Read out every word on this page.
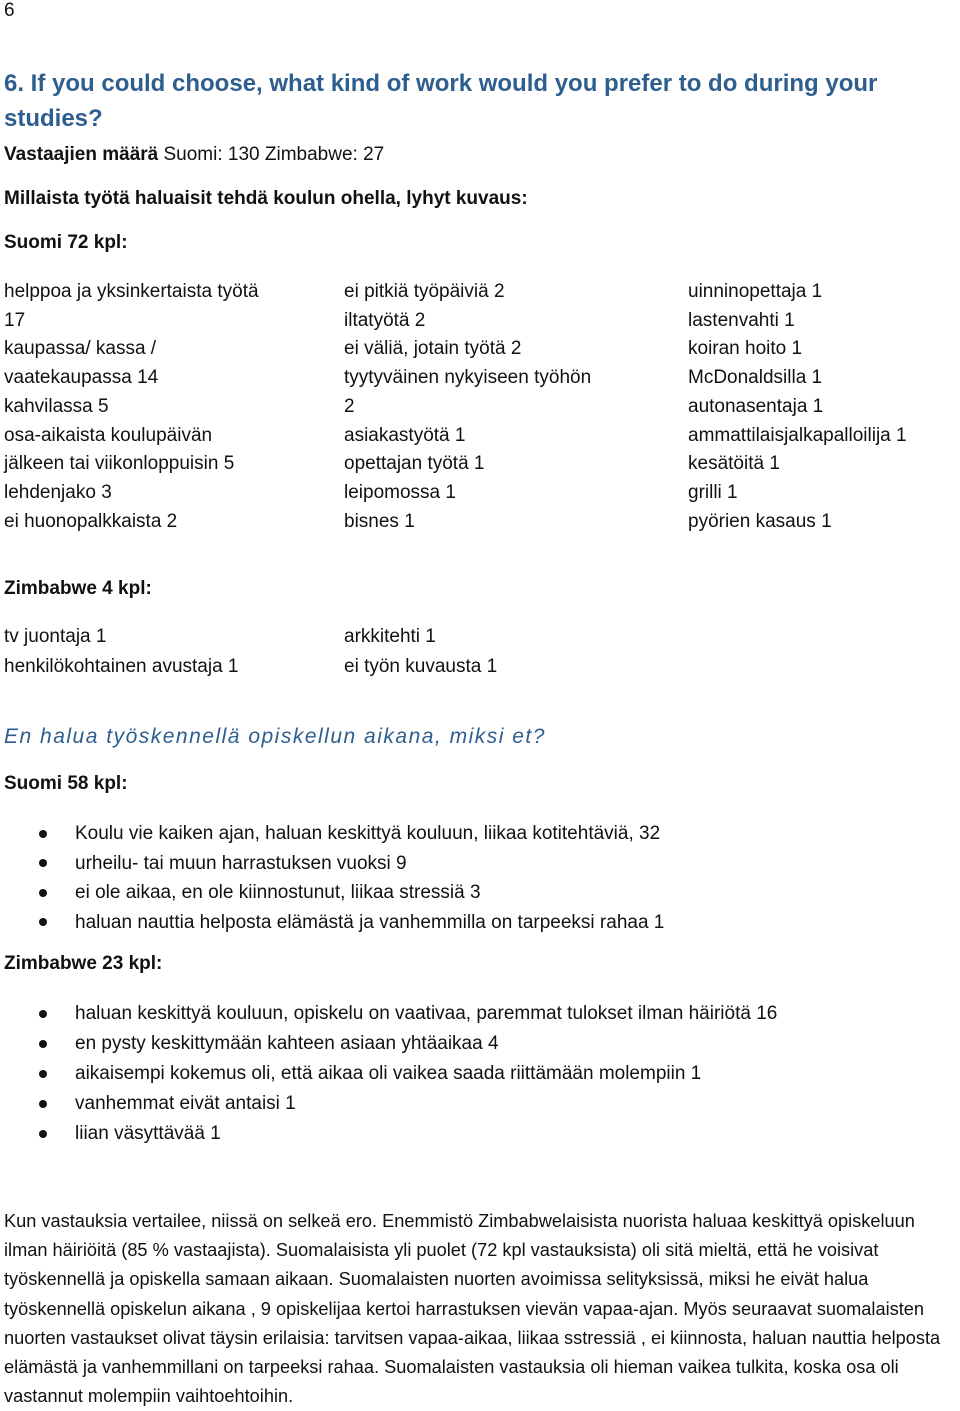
6
6. If you could choose, what kind of work would you prefer to do during your studies?
Vastaajien määrä Suomi: 130 Zimbabwe: 27
Millaista työtä haluaisit tehdä koulun ohella, lyhyt kuvaus:
Suomi 72 kpl:
helppoa ja yksinkertaista työtä
17
kaupassa/ kassa /
vaatekaupassa 14
kahvilassa 5
osa-aikaista koulupäivän
jälkeen tai viikonloppuisin 5
lehdenjako 3
ei huonopalkkaista 2
ei pitkiä työpäiviä 2
iltatyötä 2
ei väliä, jotain työtä 2
tyytyväinen nykyiseen työhön
2
asiakastyötä 1
opettajan työtä 1
leipomossa 1
bisnes 1
uinninopettaja 1
lastenvahti 1
koiran hoito 1
McDonaldsilla 1
autonasentaja 1
ammattilaisjalkapalloilija 1
kesätöitä 1
grilli 1
pyörien kasaus 1
Zimbabwe 4 kpl:
tv juontaja 1
henkilökohtainen avustaja 1
arkkitehti 1
ei työn kuvausta 1
En halua työskennellä opiskellun aikana, miksi et?
Suomi 58 kpl:
Koulu vie kaiken ajan, haluan keskittyä kouluun, liikaa kotitehtäviä, 32
urheilu- tai muun harrastuksen vuoksi 9
ei ole aikaa, en ole kiinnostunut, liikaa stressiä 3
haluan nauttia helposta elämästä ja vanhemmilla on tarpeeksi rahaa 1
Zimbabwe 23 kpl:
haluan keskittyä kouluun, opiskelu on vaativaa, paremmat tulokset ilman häiriötä 16
en pysty keskittymään kahteen asiaan yhtäaikaa 4
aikaisempi kokemus oli, että aikaa oli vaikea saada riittämään molempiin 1
vanhemmat eivät antaisi 1
liian väsyttävää 1
Kun vastauksia vertailee, niissä on selkeä ero. Enemmistö Zimbabwelaisista nuorista haluaa keskittyä opiskeluun ilman häiriöitä (85 % vastaajista). Suomalaisista yli puolet (72 kpl vastauksista) oli sitä mieltä, että he voisivat työskennellä ja opiskella samaan aikaan. Suomalaisten nuorten avoimissa selityksissä, miksi he eivät halua työskennellä opiskelun aikana , 9 opiskelijaa kertoi harrastuksen vievän vapaa-ajan. Myös seuraavat suomalaisten nuorten vastaukset olivat täysin erilaisia: tarvitsen vapaa-aikaa, liikaa sstressiä , ei kiinnosta, haluan nauttia helposta elämästä ja vanhemmillani on tarpeeksi rahaa. Suomalaisten vastauksia oli hieman vaikea tulkita, koska osa oli vastannut molempiin vaihtoehtoihin.
